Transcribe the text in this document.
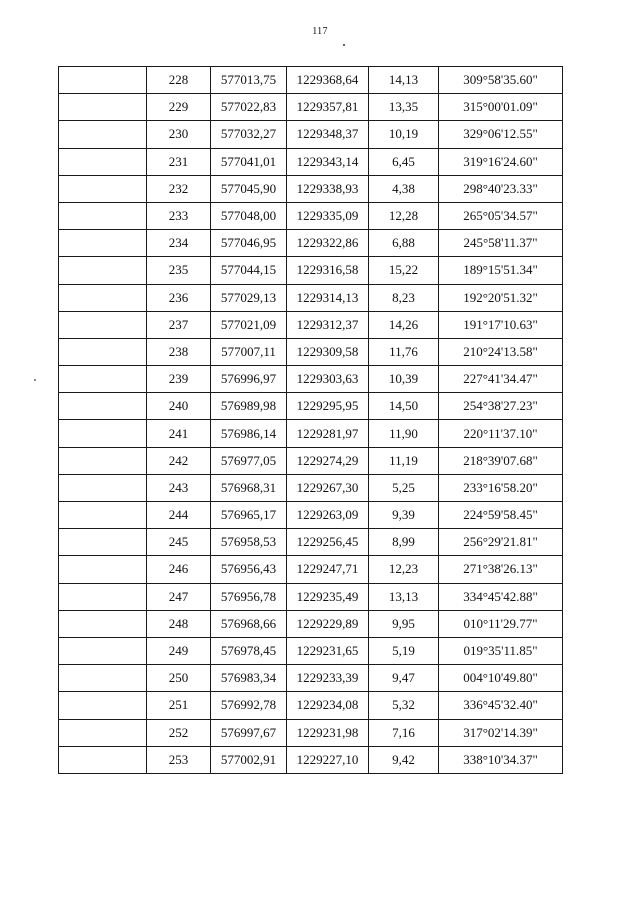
117
	228	577013,75	1229368,64	14,13	309°58'35.60"
	229	577022,83	1229357,81	13,35	315°00'01.09"
	230	577032,27	1229348,37	10,19	329°06'12.55"
	231	577041,01	1229343,14	6,45	319°16'24.60"
	232	577045,90	1229338,93	4,38	298°40'23.33"
	233	577048,00	1229335,09	12,28	265°05'34.57"
	234	577046,95	1229322,86	6,88	245°58'11.37"
	235	577044,15	1229316,58	15,22	189°15'51.34"
	236	577029,13	1229314,13	8,23	192°20'51.32"
	237	577021,09	1229312,37	14,26	191°17'10.63"
	238	577007,11	1229309,58	11,76	210°24'13.58"
	239	576996,97	1229303,63	10,39	227°41'34.47"
	240	576989,98	1229295,95	14,50	254°38'27.23"
	241	576986,14	1229281,97	11,90	220°11'37.10"
	242	576977,05	1229274,29	11,19	218°39'07.68"
	243	576968,31	1229267,30	5,25	233°16'58.20"
	244	576965,17	1229263,09	9,39	224°59'58.45"
	245	576958,53	1229256,45	8,99	256°29'21.81"
	246	576956,43	1229247,71	12,23	271°38'26.13"
	247	576956,78	1229235,49	13,13	334°45'42.88"
	248	576968,66	1229229,89	9,95	010°11'29.77"
	249	576978,45	1229231,65	5,19	019°35'11.85"
	250	576983,34	1229233,39	9,47	004°10'49.80"
	251	576992,78	1229234,08	5,32	336°45'32.40"
	252	576997,67	1229231,98	7,16	317°02'14.39"
	253	577002,91	1229227,10	9,42	338°10'34.37"
